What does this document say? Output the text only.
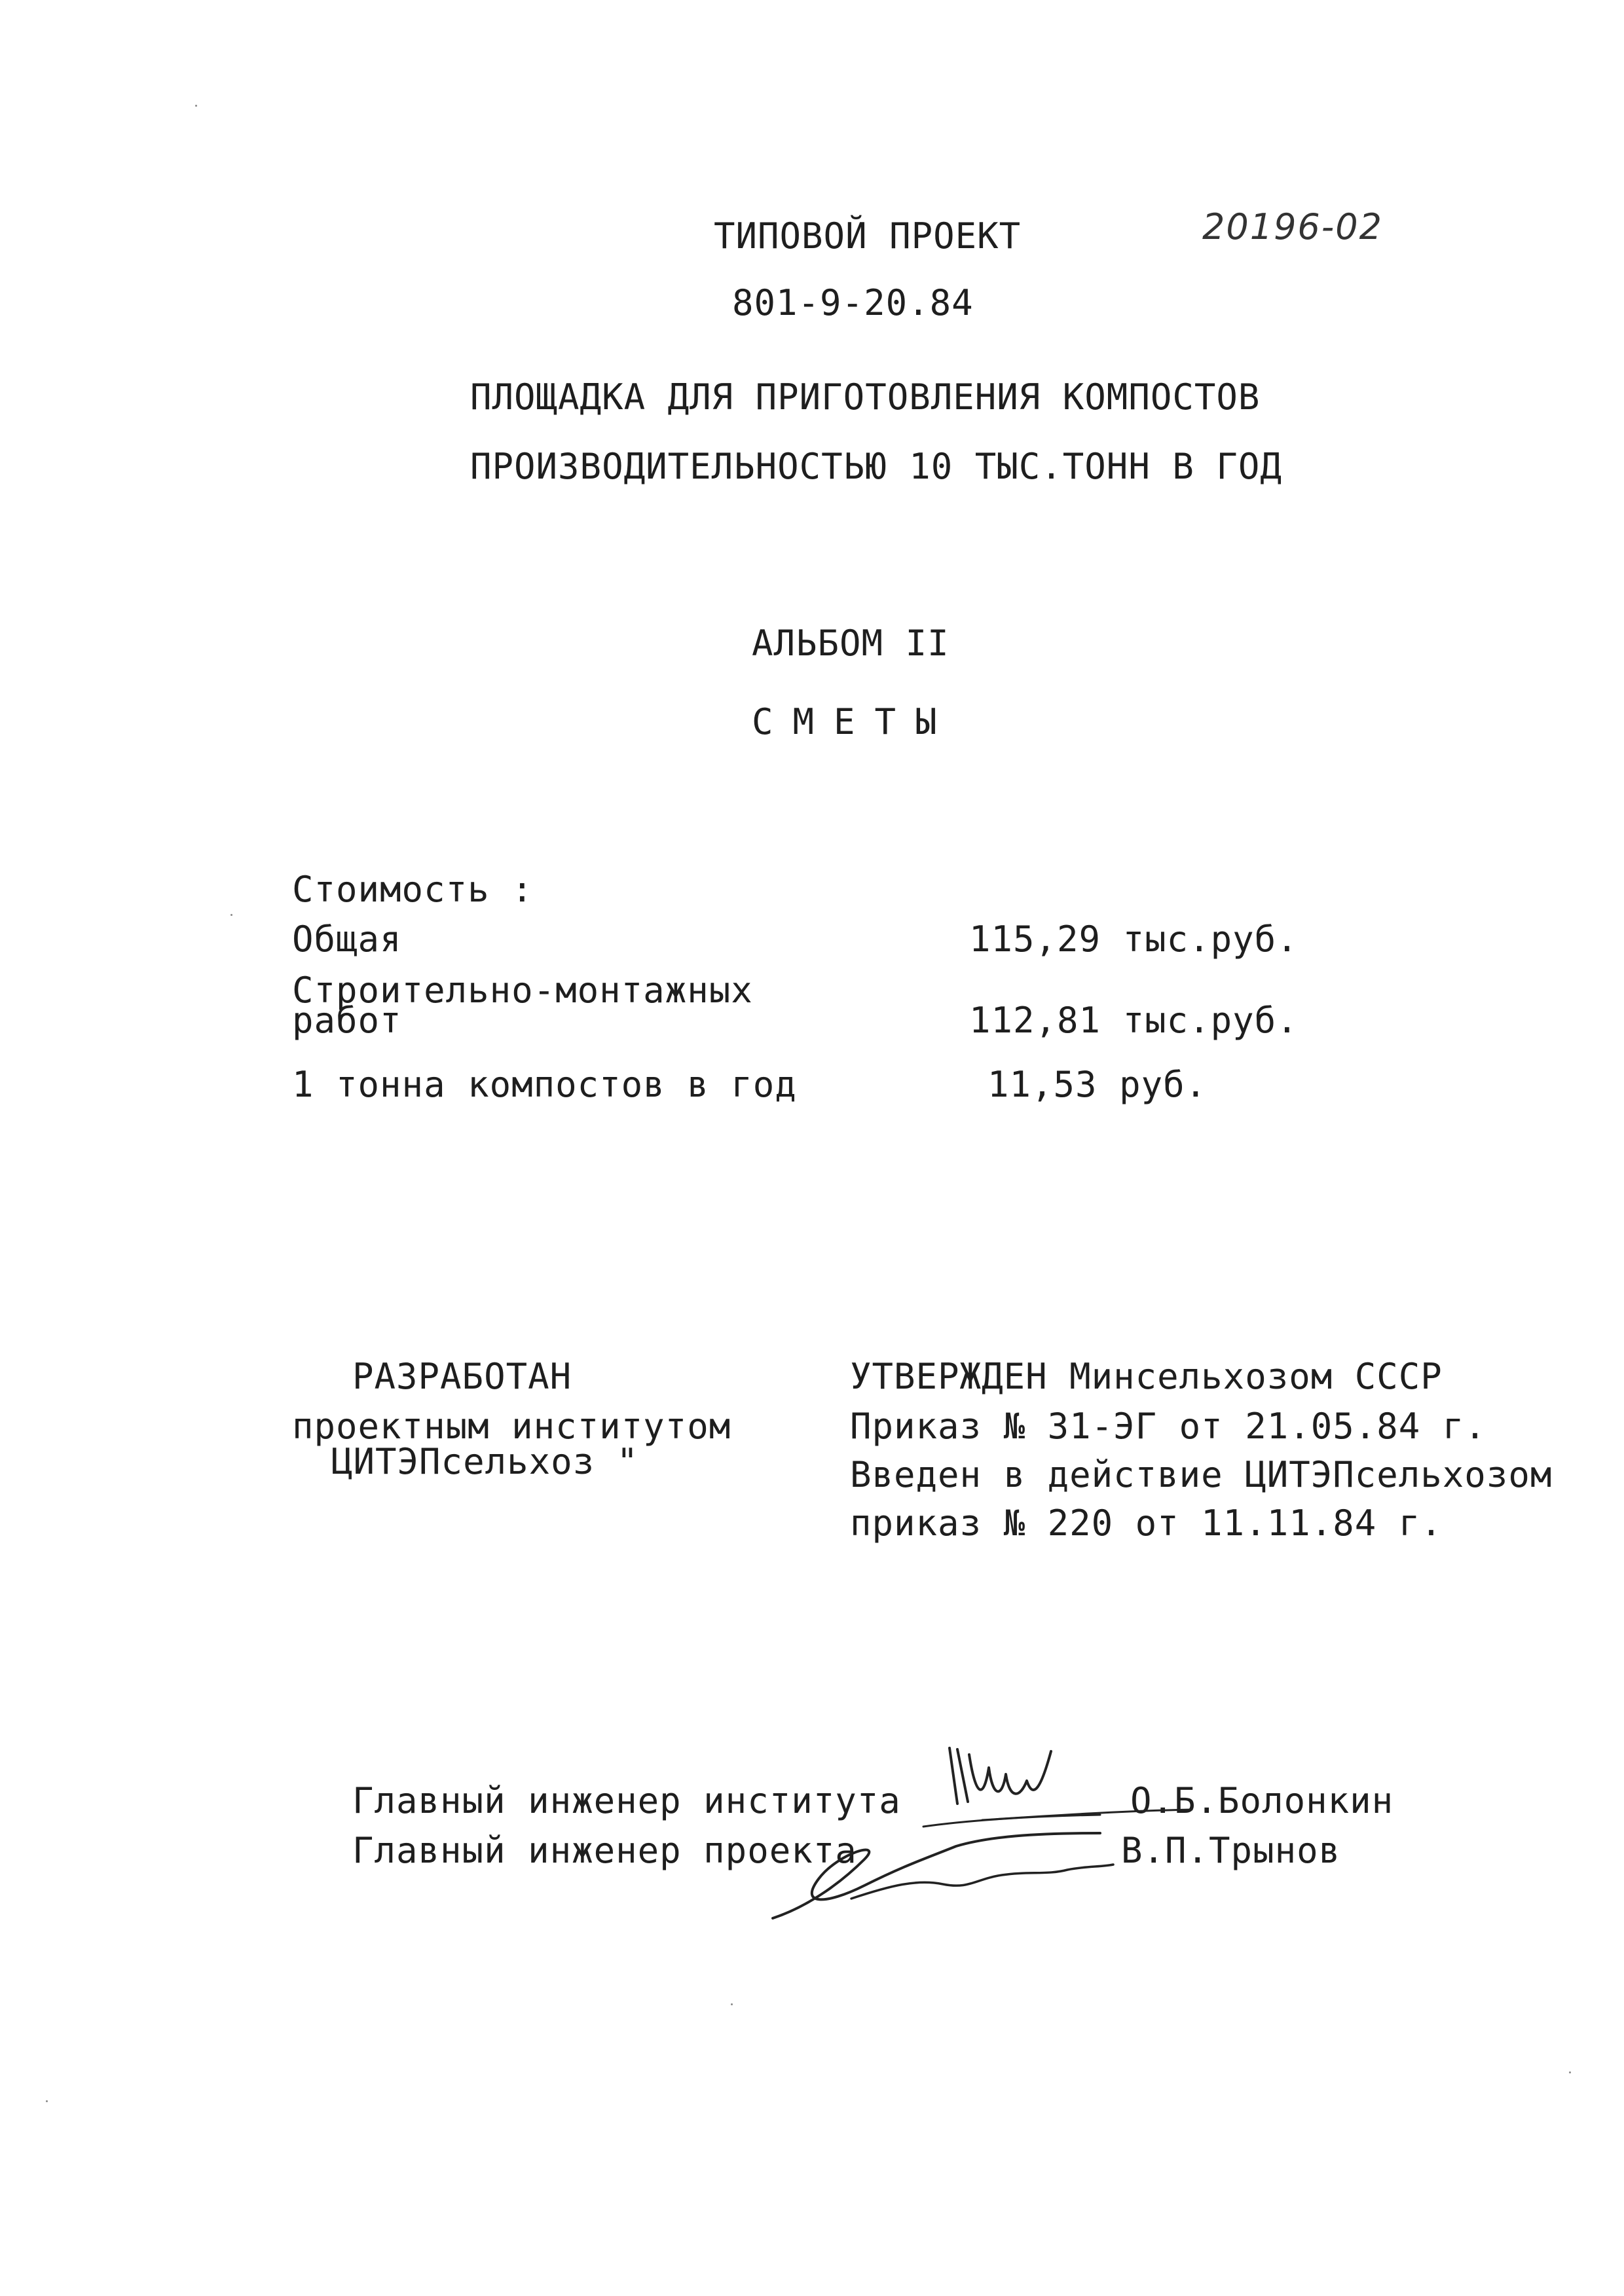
ТИПОВОЙ ПРОЕКТ	20196-02
801-9-20.84
ПЛОЩАДКА ДЛЯ ПРИГОТОВЛЕНИЯ КОМПОСТОВ
ПРОИЗВОДИТЕЛЬНОСТЬЮ 10 ТЫС.ТОНН В ГОД
АЛЬБОМ II
СМЕТЫ
Стоимость :
Общая	115,29 тыс.руб.
Строительно-монтажных
работ	112,81 тыс.руб.
1 тонна компостов в год	11,53 руб.
РАЗРАБОТАН
проектным институтом
ЦИТЭПсельхоз "
УТВЕРЖДЕН Минсельхозом СССР
Приказ № 31-ЭГ от 21.05.84 г.
Введен в действие ЦИТЭПсельхозом
приказ № 220 от 11.11.84 г.
Главный инженер института	О.Б.Болонкин
Главный инженер проекта	В.П.Трынов
